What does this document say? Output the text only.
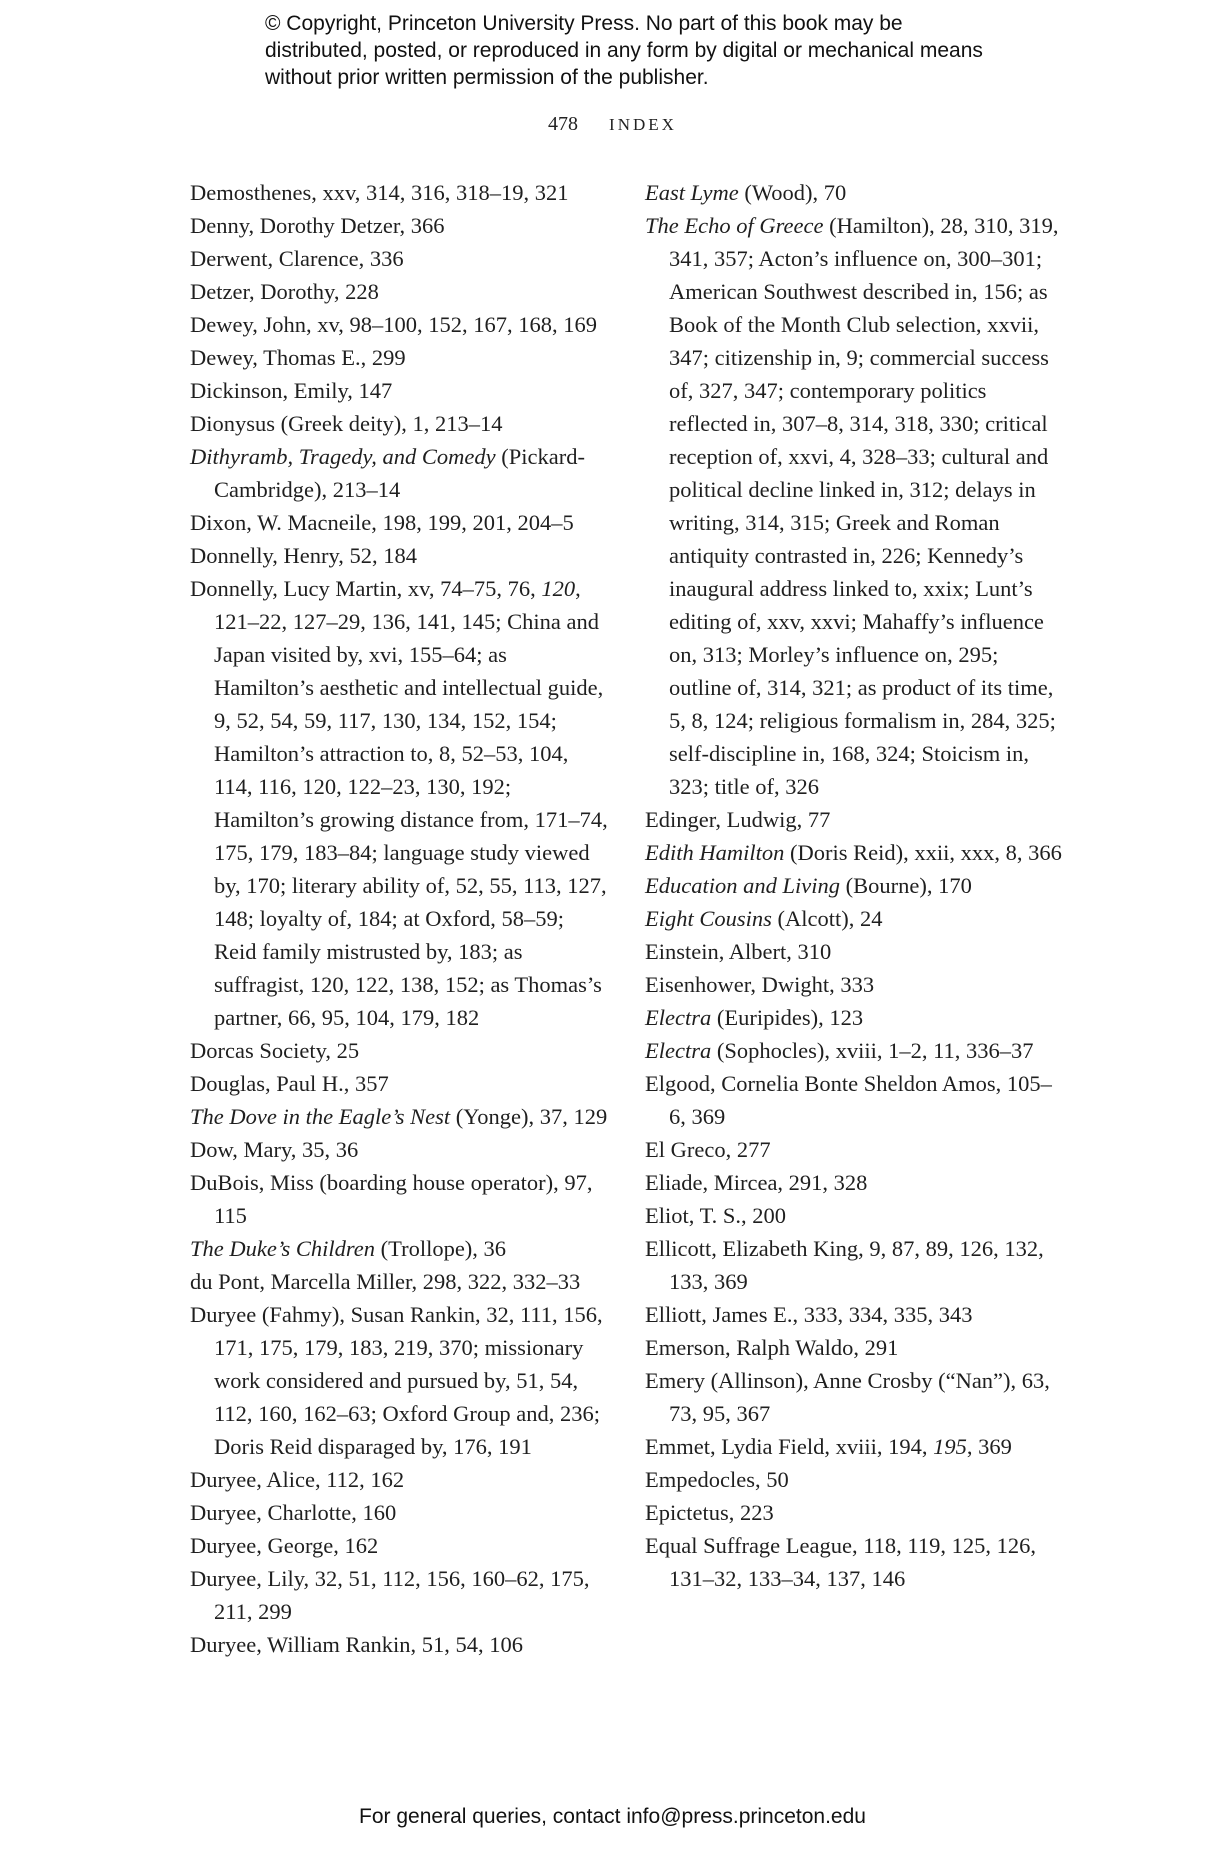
© Copyright, Princeton University Press. No part of this book may be distributed, posted, or reproduced in any form by digital or mechanical means without prior written permission of the publisher.
478 INDEX

Demosthenes, xxv, 314, 316, 318–19, 321

Denny, Dorothy Detzer, 366

Derwent, Clarence, 336

Detzer, Dorothy, 228

Dewey, John, xv, 98–100, 152, 167, 168, 169

Dewey, Thomas E., 299

Dickinson, Emily, 147

Dionysus (Greek deity), 1, 213–14

Dithyramb, Tragedy, and Comedy (Pickard-Cambridge), 213–14

Dixon, W. Macneile, 198, 199, 201, 204–5

Donnelly, Henry, 52, 184

Donnelly, Lucy Martin, xv, 74–75, 76, 120, 121–22, 127–29, 136, 141, 145; China and Japan visited by, xvi, 155–64; as Hamilton’s aesthetic and intellectual guide, 9, 52, 54, 59, 117, 130, 134, 152, 154; Hamilton’s attraction to, 8, 52–53, 104, 114, 116, 120, 122–23, 130, 192; Hamilton’s growing distance from, 171–74, 175, 179, 183–84; language study viewed by, 170; literary ability of, 52, 55, 113, 127, 148; loyalty of, 184; at Oxford, 58–59; Reid family mistrusted by, 183; as suffragist, 120, 122, 138, 152; as Thomas’s partner, 66, 95, 104, 179, 182

Dorcas Society, 25

Douglas, Paul H., 357

The Dove in the Eagle’s Nest (Yonge), 37, 129

Dow, Mary, 35, 36

DuBois, Miss (boarding house operator), 97, 115

The Duke’s Children (Trollope), 36

du Pont, Marcella Miller, 298, 322, 332–33

Duryee (Fahmy), Susan Rankin, 32, 111, 156, 171, 175, 179, 183, 219, 370; missionary work considered and pursued by, 51, 54, 112, 160, 162–63; Oxford Group and, 236; Doris Reid disparaged by, 176, 191

Duryee, Alice, 112, 162

Duryee, Charlotte, 160

Duryee, George, 162

Duryee, Lily, 32, 51, 112, 156, 160–62, 175, 211, 299

Duryee, William Rankin, 51, 54, 106

East Lyme (Wood), 70

The Echo of Greece (Hamilton), 28, 310, 319, 341, 357; Acton’s influence on, 300–301; American Southwest described in, 156; as Book of the Month Club selection, xxvii, 347; citizenship in, 9; commercial success of, 327, 347; contemporary politics reflected in, 307–8, 314, 318, 330; critical reception of, xxvi, 4, 328–33; cultural and political decline linked in, 312; delays in writing, 314, 315; Greek and Roman antiquity contrasted in, 226; Kennedy’s inaugural address linked to, xxix; Lunt’s editing of, xxv, xxvi; Mahaffy’s influence on, 313; Morley’s influence on, 295; outline of, 314, 321; as product of its time, 5, 8, 124; religious formalism in, 284, 325; self-discipline in, 168, 324; Stoicism in, 323; title of, 326

Edinger, Ludwig, 77

Edith Hamilton (Doris Reid), xxii, xxx, 8, 366

Education and Living (Bourne), 170

Eight Cousins (Alcott), 24

Einstein, Albert, 310

Eisenhower, Dwight, 333

Electra (Euripides), 123

Electra (Sophocles), xviii, 1–2, 11, 336–37

Elgood, Cornelia Bonte Sheldon Amos, 105–6, 369

El Greco, 277

Eliade, Mircea, 291, 328

Eliot, T. S., 200

Ellicott, Elizabeth King, 9, 87, 89, 126, 132, 133, 369

Elliott, James E., 333, 334, 335, 343

Emerson, Ralph Waldo, 291

Emery (Allinson), Anne Crosby (“Nan”), 63, 73, 95, 367

Emmet, Lydia Field, xviii, 194, 195, 369

Empedocles, 50

Epictetus, 223

Equal Suffrage League, 118, 119, 125, 126, 131–32, 133–34, 137, 146

For general queries, contact info@press.princeton.edu
